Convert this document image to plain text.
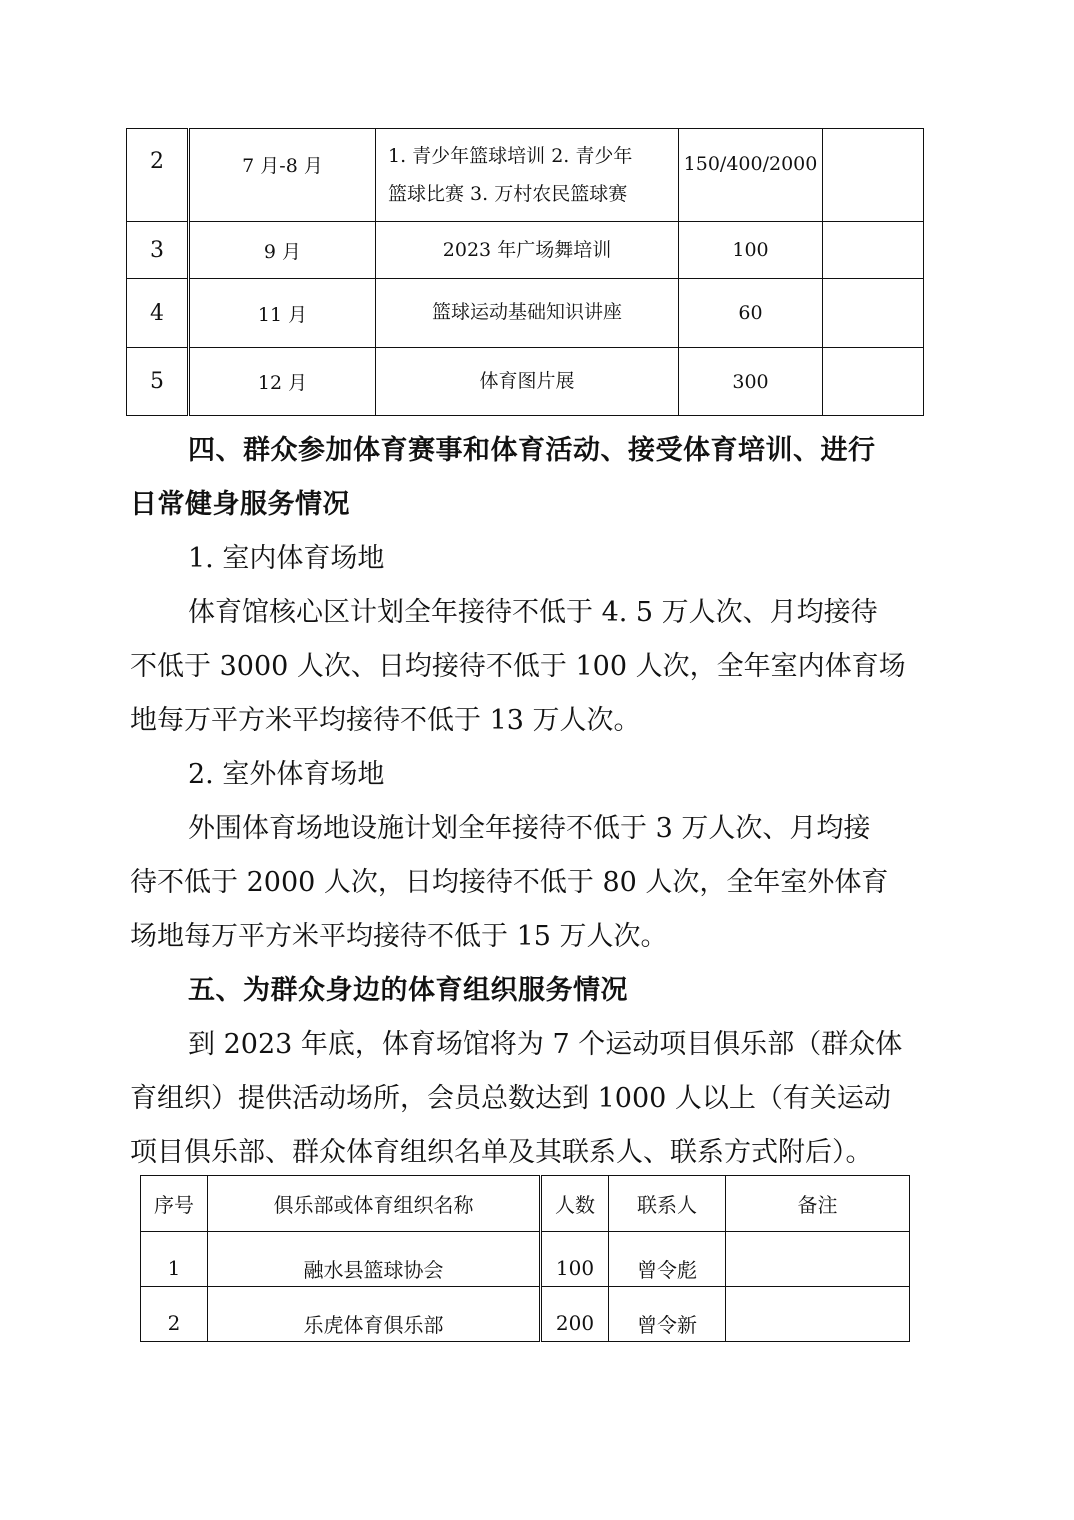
2	7 月-8 月	1. 青少年篮球培训 2. 青少年
篮球比赛 3. 万村农民篮球赛	150/400/2000	
3	9 月	2023 年广场舞培训	100	
4	11 月	篮球运动基础知识讲座	60	
5	12 月	体育图片展	300	

四、群众参加体育赛事和体育活动、接受体育培训、进行

日常健身服务情况

1. 室内体育场地

体育馆核心区计划全年接待不低于 4. 5 万人次、月均接待

不低于 3000 人次、日均接待不低于 100 人次，全年室内体育场

地每万平方米平均接待不低于 13 万人次。

2. 室外体育场地

外围体育场地设施计划全年接待不低于 3 万人次、月均接

待不低于 2000 人次，日均接待不低于 80 人次，全年室外体育

场地每万平方米平均接待不低于 15 万人次。

五、为群众身边的体育组织服务情况

到 2023 年底，体育场馆将为 7 个运动项目俱乐部（群众体

育组织）提供活动场所，会员总数达到 1000 人以上（有关运动

项目俱乐部、群众体育组织名单及其联系人、联系方式附后）。

序号	俱乐部或体育组织名称	人数	联系人	备注
1	融水县篮球协会	100	曾令彪	
2	乐虎体育俱乐部	200	曾令新	
